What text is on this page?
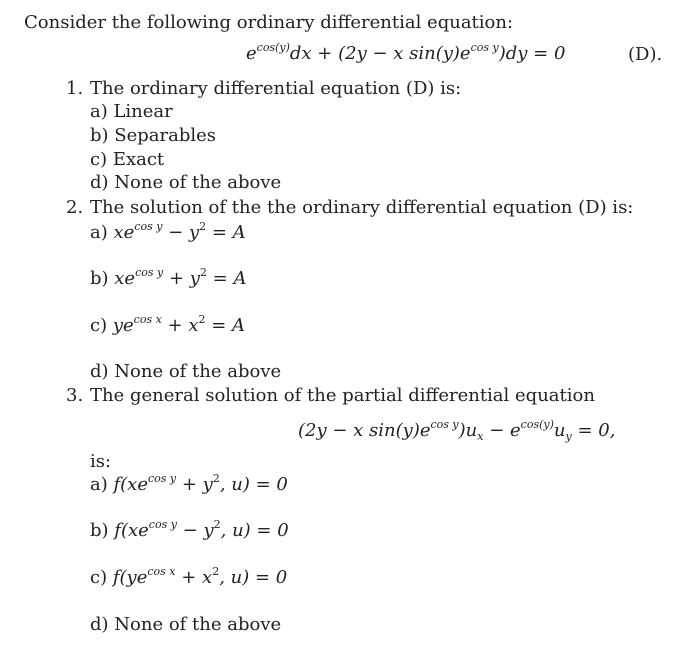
Consider the following ordinary differential equation:
$e^{cos(y)}dx + (2y - x$ $\sin(y)e^{cos y})dy = 0$	(D).
1. The ordinary differential equation (D) is:
a) Linear
b) Separables
c) Exact
d) None of the above
2. The solution of the the ordinary differential equation (D) is:
a) $xe^{cos y} - y^2 = A$
b) $xe^{cos y} + y^2 = A$
c) $ye^{cos x} + x^2 = A$
d) None of the above
3. The general solution of the partial differential equation
(2y − x $\sin(y)e^{cos y})u_x - e^{cos(y)}u_y = 0$,
is:
a) $f(xe^{cos y} + y^2$, u) = 0
b) $f(xe^{cos y} - y^2$, u) = 0
c) $f(ye^{cos x} + x^2$, u) = 0
d) None of the above
